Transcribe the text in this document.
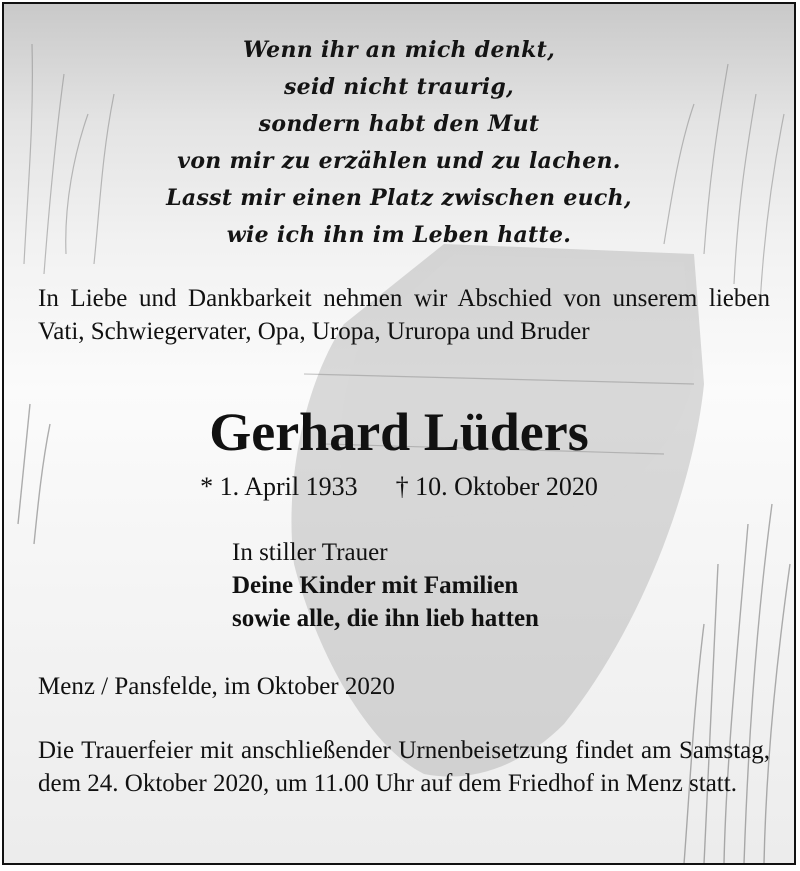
Wenn ihr an mich denkt,
seid nicht traurig,
sondern habt den Mut
von mir zu erzählen und zu lachen.
Lasst mir einen Platz zwischen euch,
wie ich ihn im Leben hatte.
In Liebe und Dankbarkeit nehmen wir Abschied von unserem lieben Vati, Schwiegervater, Opa, Uropa, Ururopa und Bruder
Gerhard Lüders
* 1. April 1933 † 10. Oktober 2020
In stiller Trauer
Deine Kinder mit Familien
sowie alle, die ihn lieb hatten
Menz / Pansfelde, im Oktober 2020
Die Trauerfeier mit anschließender Urnenbeisetzung findet am Samstag, dem 24. Oktober 2020, um 11.00 Uhr auf dem Friedhof in Menz statt.
